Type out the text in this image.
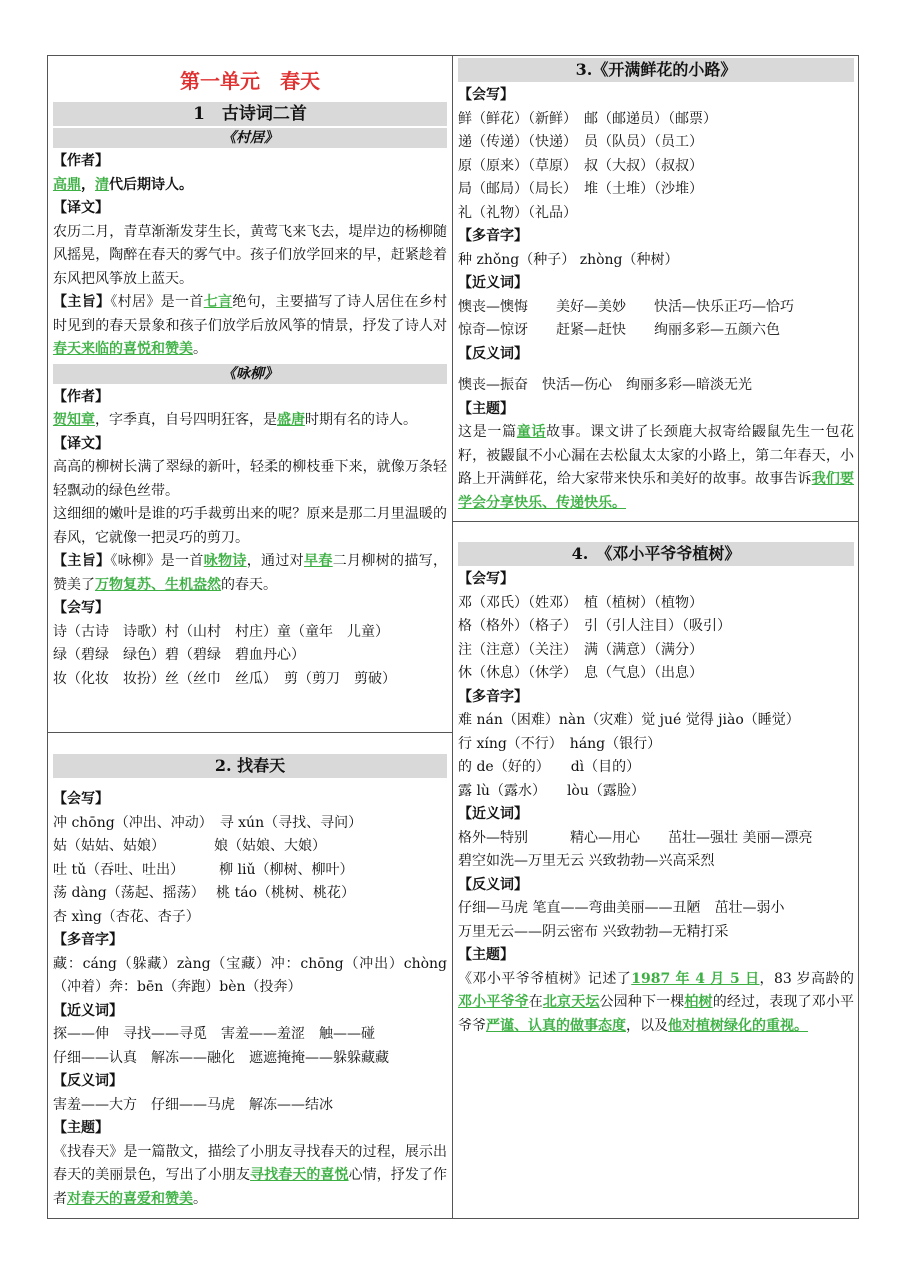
第一单元　春天
1　古诗词二首
《村居》
【作者】

高鼎，清代后期诗人。

【译文】

农历二月，青草渐渐发芽生长，黄莺飞来飞去，堤岸边的杨柳随风摇晃，陶醉在春天的雾气中。孩子们放学回来的早，赶紧趁着东风把风筝放上蓝天。

【主旨】《村居》是一首七言绝句，主要描写了诗人居住在乡村时见到的春天景象和孩子们放学后放风筝的情景，抒发了诗人对春天来临的喜悦和赞美。

《咏柳》
【作者】

贺知章，字季真，自号四明狂客，是盛唐时期有名的诗人。

【译文】

高高的柳树长满了翠绿的新叶，轻柔的柳枝垂下来，就像万条轻轻飘动的绿色丝带。

这细细的嫩叶是谁的巧手裁剪出来的呢？原来是那二月里温暖的春风，它就像一把灵巧的剪刀。

【主旨】《咏柳》是一首咏物诗，通过对早春二月柳树的描写，赞美了万物复苏、生机盎然的春天。

【会写】
诗（古诗　诗歌）村（山村　村庄）童（童年　儿童）
绿（碧绿　绿色）碧（碧绿　碧血丹心）
妆（化妆　妆扮）丝（丝巾　丝瓜）　剪（剪刀　剪破）
2. 找春天
【会写】
冲 chōng（冲出、冲动）　寻 xún（寻找、寻问）
姑（姑姑、姑娘）　　　　娘（姑娘、大娘）
吐 tǔ（吞吐、吐出）　　　柳 liǔ（柳树、柳叶）
荡 dàng（荡起、摇荡）　 桃 táo（桃树、桃花）
杏 xìng（杏花、杏子）
【多音字】

藏：cáng（躲藏）zàng（宝藏）冲：chōng（冲出）chòng（冲着）奔：bēn（奔跑）bèn（投奔）

【近义词】
探——伸　寻找——寻觅　害羞——羞涩　触——碰
仔细——认真　解冻——融化　遮遮掩掩——躲躲藏藏
【反义词】
害羞——大方　仔细——马虎　解冻——结冰
【主题】

《找春天》是一篇散文，描绘了小朋友寻找春天的过程，展示出春天的美丽景色，写出了小朋友寻找春天的喜悦心情，抒发了作者对春天的喜爱和赞美。

3.《开满鲜花的小路》
【会写】
鲜（鲜花）（新鲜）　邮（邮递员）（邮票）
递（传递）（快递）　员（队员）（员工）
原（原来）（草原）　叔（大叔）（叔叔）
局（邮局）（局长）　堆（土堆）（沙堆）
礼（礼物）（礼品）
【多音字】
种 zhǒng（种子） zhòng（种树）
【近义词】
懊丧—懊悔　　美好—美妙　　快活—快乐正巧—恰巧
惊奇—惊讶　　赶紧—赶快　　绚丽多彩—五颜六色
【反义词】
懊丧—振奋　快活—伤心　绚丽多彩—暗淡无光
【主题】

这是一篇童话故事。课文讲了长颈鹿大叔寄给鼹鼠先生一包花籽，被鼹鼠不小心漏在去松鼠太太家的小路上，第二年春天，小路上开满鲜花，给大家带来快乐和美好的故事。故事告诉我们要学会分享快乐、传递快乐。

4.　《邓小平爷爷植树》
【会写】
邓（邓氏）（姓邓）　植（植树）（植物）
格（格外）（格子）　引（引人注目）（吸引）
注（注意）（关注）　满（满意）（满分）
休（休息）（休学）　息（气息）（出息）
【多音字】
难 nán（困难）nàn（灾难）觉 jué 觉得 jiào（睡觉）
行 xíng（不行）　háng（银行）
的 de（好的）　　dì（目的）
露 lù（露水）　　lòu（露脸）
【近义词】
格外—特别　　　精心—用心　　茁壮—强壮 美丽—漂亮
碧空如洗—万里无云 兴致勃勃—兴高采烈
【反义词】
仔细—马虎 笔直——弯曲美丽——丑陋　茁壮—弱小
万里无云——阴云密布 兴致勃勃—无精打采
【主题】

《邓小平爷爷植树》记述了1987 年 4 月 5 日，83 岁高龄的邓小平爷爷在北京天坛公园种下一棵柏树的经过，表现了邓小平爷爷严谨、认真的做事态度，以及他对植树绿化的重视。
